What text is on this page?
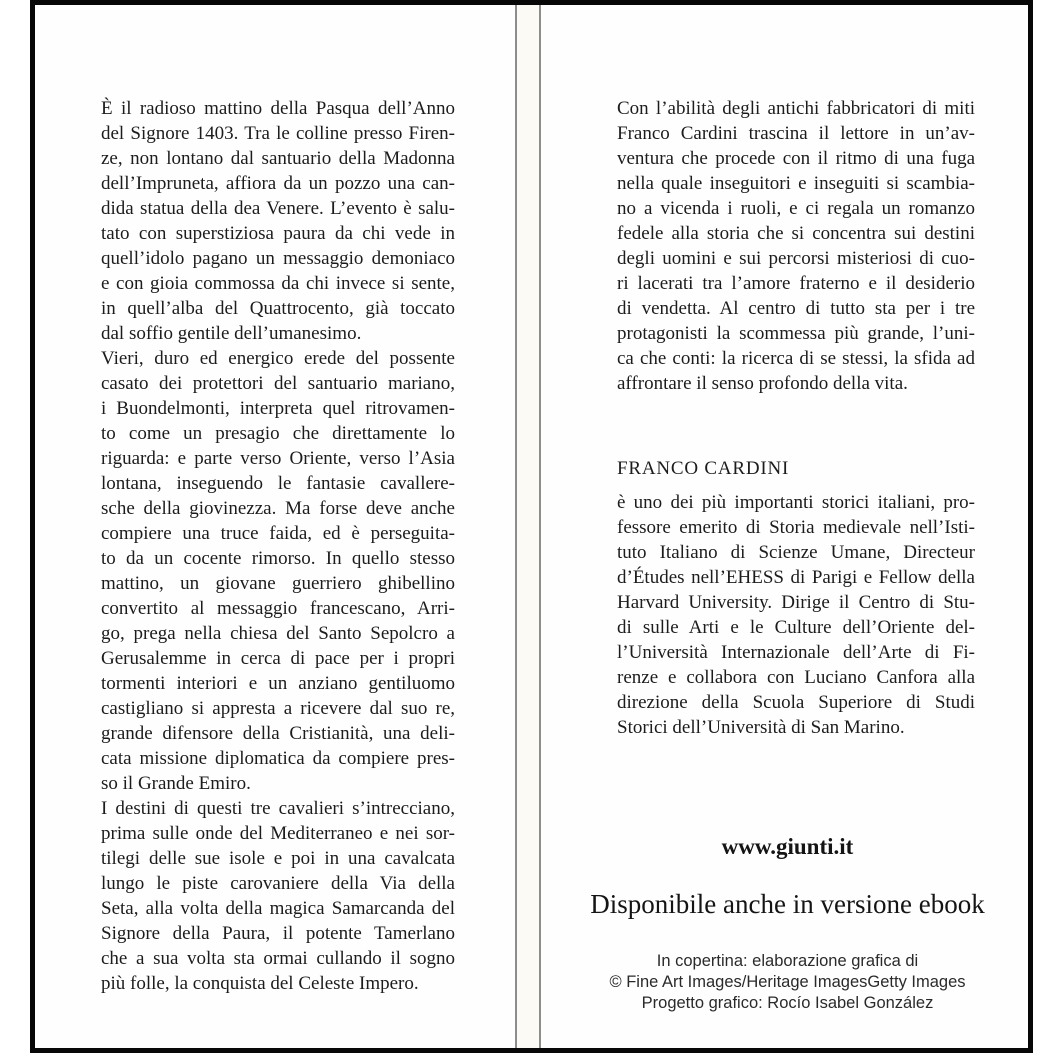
È il radioso mattino della Pasqua dell’Anno
del Signore 1403. Tra le colline presso Firen-
ze, non lontano dal santuario della Madonna
dell’Impruneta, affiora da un pozzo una can-
dida statua della dea Venere. L’evento è salu-
tato con superstiziosa paura da chi vede in
quell’idolo pagano un messaggio demoniaco
e con gioia commossa da chi invece si sente,
in quell’alba del Quattrocento, già toccato
dal soffio gentile dell’umanesimo.
Vieri, duro ed energico erede del possente
casato dei protettori del santuario mariano,
i Buondelmonti, interpreta quel ritrovamen-
to come un presagio che direttamente lo
riguarda: e parte verso Oriente, verso l’Asia
lontana, inseguendo le fantasie cavallere-
sche della giovinezza. Ma forse deve anche
compiere una truce faida, ed è perseguita-
to da un cocente rimorso. In quello stesso
mattino, un giovane guerriero ghibellino
convertito al messaggio francescano, Arri-
go, prega nella chiesa del Santo Sepolcro a
Gerusalemme in cerca di pace per i propri
tormenti interiori e un anziano gentiluomo
castigliano si appresta a ricevere dal suo re,
grande difensore della Cristianità, una deli-
cata missione diplomatica da compiere pres-
so il Grande Emiro.
I destini di questi tre cavalieri s’intrecciano,
prima sulle onde del Mediterraneo e nei sor-
tilegi delle sue isole e poi in una cavalcata
lungo le piste carovaniere della Via della
Seta, alla volta della magica Samarcanda del
Signore della Paura, il potente Tamerlano
che a sua volta sta ormai cullando il sogno
più folle, la conquista del Celeste Impero.
Con l’abilità degli antichi fabbricatori di miti
Franco Cardini trascina il lettore in un’av-
ventura che procede con il ritmo di una fuga
nella quale inseguitori e inseguiti si scambia-
no a vicenda i ruoli, e ci regala un romanzo
fedele alla storia che si concentra sui destini
degli uomini e sui percorsi misteriosi di cuo-
ri lacerati tra l’amore fraterno e il desiderio
di vendetta. Al centro di tutto sta per i tre
protagonisti la scommessa più grande, l’uni-
ca che conti: la ricerca di se stessi, la sfida ad
affrontare il senso profondo della vita.
FRANCO CARDINI
è uno dei più importanti storici italiani, pro-
fessore emerito di Storia medievale nell’Isti-
tuto Italiano di Scienze Umane, Directeur
d’Études nell’EHESS di Parigi e Fellow della
Harvard University. Dirige il Centro di Stu-
di sulle Arti e le Culture dell’Oriente del-
l’Università Internazionale dell’Arte di Fi-
renze e collabora con Luciano Canfora alla
direzione della Scuola Superiore di Studi
Storici dell’Università di San Marino.
www.giunti.it
Disponibile anche in versione ebook
In copertina: elaborazione grafica di
© Fine Art Images/Heritage ImagesGetty Images
Progetto grafico: Rocío Isabel González
